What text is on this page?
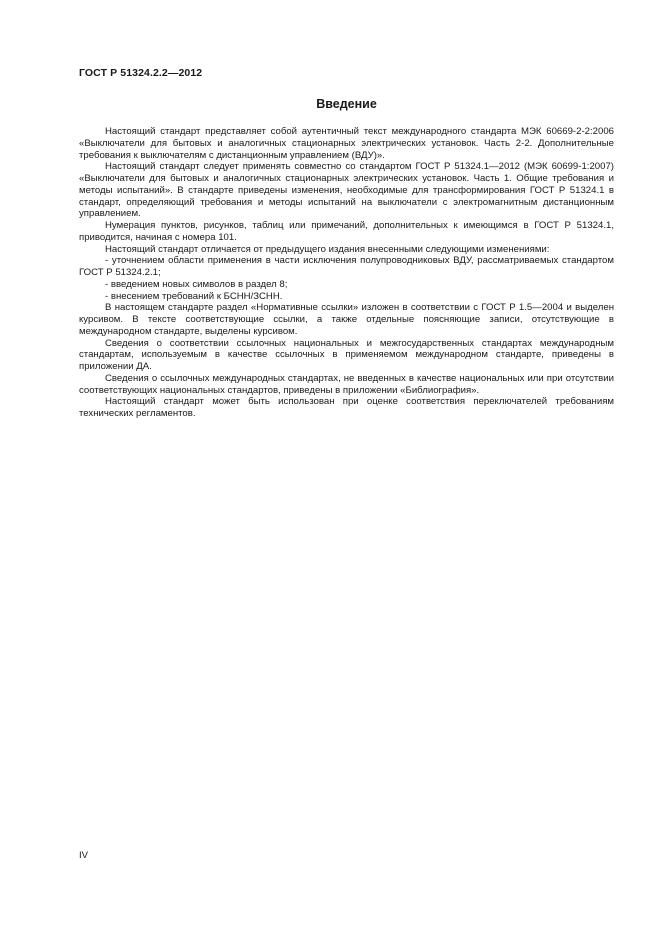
ГОСТ Р 51324.2.2—2012
Введение

Настоящий стандарт представляет собой аутентичный текст международного стандарта МЭК 60669-2-2:2006 «Выключатели для бытовых и аналогичных стационарных электрических установок. Часть 2-2. Дополнительные требования к выключателям с дистанционным управлением (ВДУ)».

Настоящий стандарт следует применять совместно со стандартом ГОСТ Р 51324.1—2012 (МЭК 60699-1:2007) «Выключатели для бытовых и аналогичных стационарных электрических установок. Часть 1. Общие требования и методы испытаний». В стандарте приведены изменения, необходимые для трансформирования ГОСТ Р 51324.1 в стандарт, определяющий требования и методы испытаний на выключатели с электромагнитным дистанционным управлением.

Нумерация пунктов, рисунков, таблиц или примечаний, дополнительных к имеющимся в ГОСТ Р 51324.1, приводится, начиная с номера 101.

Настоящий стандарт отличается от предыдущего издания внесенными следующими изменениями:

- уточнением области применения в части исключения полупроводниковых ВДУ, рассматриваемых стандартом ГОСТ Р 51324.2.1;

- введением новых символов в раздел 8;

- внесением требований к БСНН/ЗСНН.

В настоящем стандарте раздел «Нормативные ссылки» изложен в соответствии с ГОСТ Р 1.5—2004 и выделен курсивом. В тексте соответствующие ссылки, а также отдельные поясняющие записи, отсутствующие в международном стандарте, выделены курсивом.

Сведения о соответствии ссылочных национальных и межгосударственных стандартах международным стандартам, используемым в качестве ссылочных в применяемом международном стандарте, приведены в приложении ДА.

Сведения о ссылочных международных стандартах, не введенных в качестве национальных или при отсутствии соответствующих национальных стандартов, приведены в приложении «Библиография».

Настоящий стандарт может быть использован при оценке соответствия переключателей требованиям технических регламентов.

IV
